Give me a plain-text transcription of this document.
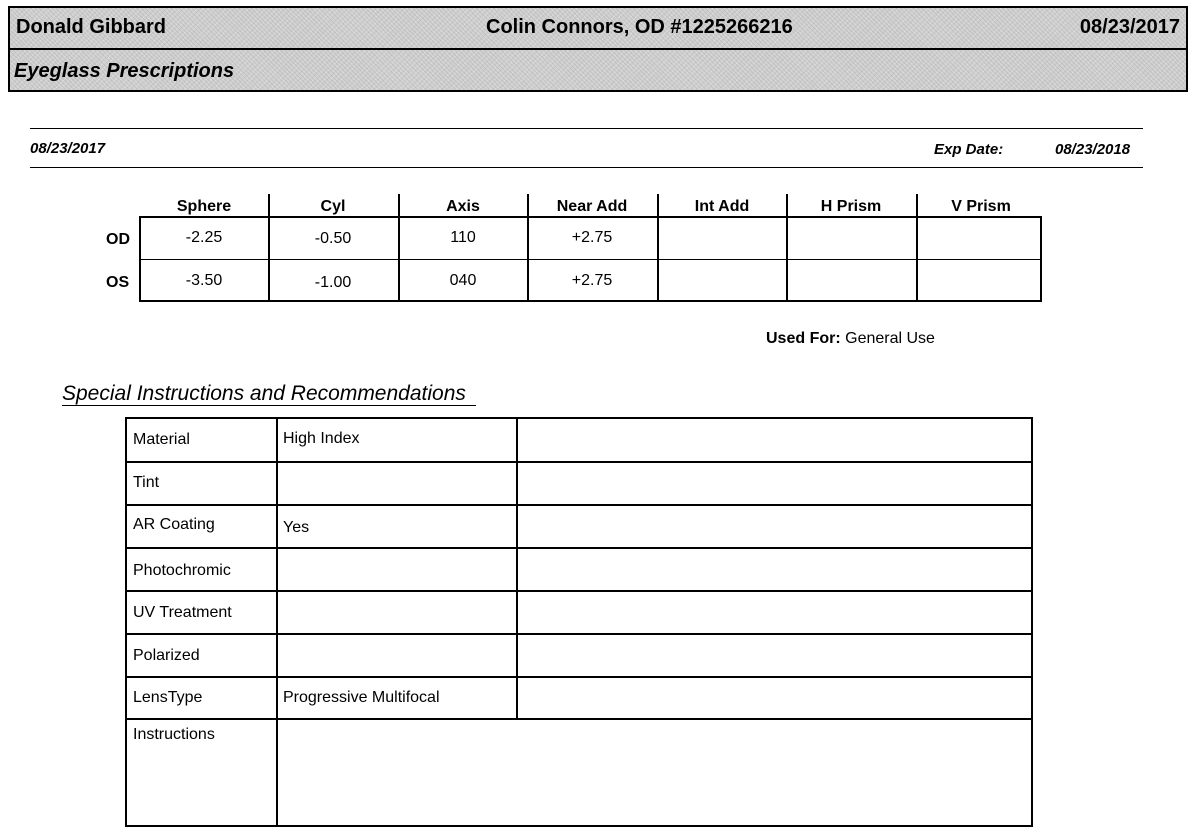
Donald Gibbard	Colin Connors, OD #1225266216	08/23/2017
Eyeglass Prescriptions
08/23/2017	Exp Date:	08/23/2018
Sphere	Cyl	Axis	Near Add	Int Add	H Prism	V Prism
OD	-2.25	-0.50	110	+2.75
OS	-3.50	-1.00	040	+2.75
Used For: General Use
Special Instructions and Recommendations
Material	High Index
Tint
AR Coating	Yes
Photochromic
UV Treatment
Polarized
LensType	Progressive Multifocal
Instructions
